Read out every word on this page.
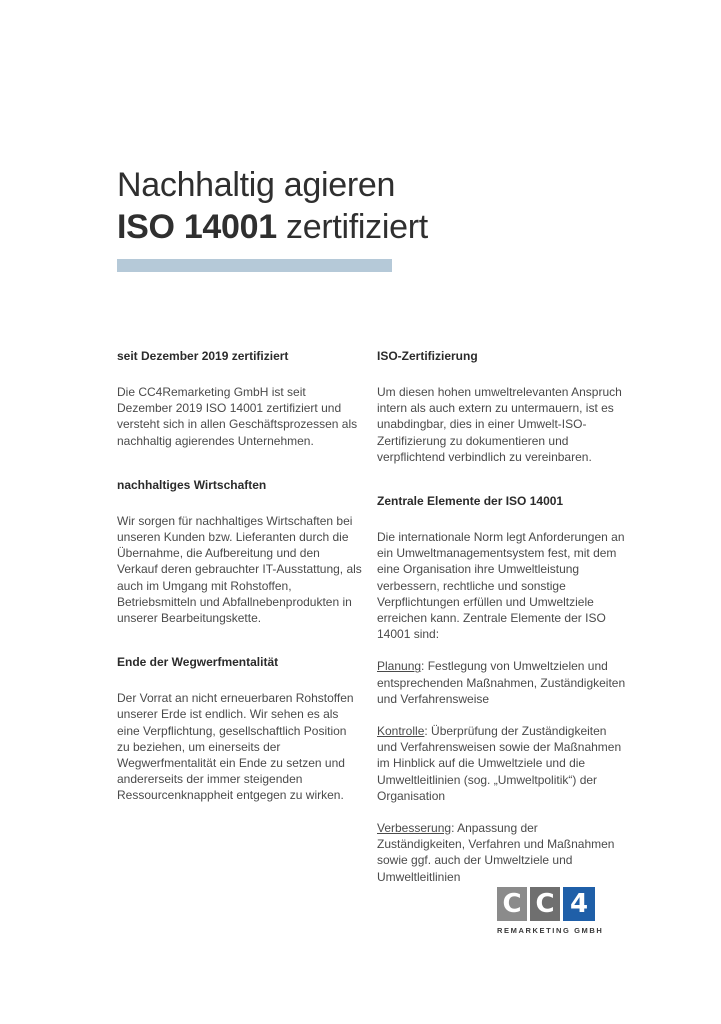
Nachhaltig agieren
ISO 14001 zertifiziert
seit Dezember 2019 zertifiziert

Die CC4Remarketing GmbH ist seit Dezember 2019 ISO 14001 zertifiziert und versteht sich in allen Geschäftsprozessen als nachhaltig agierendes Unternehmen.

nachhaltiges Wirtschaften

Wir sorgen für nachhaltiges Wirtschaften bei unseren Kunden bzw. Lieferanten durch die Übernahme, die Aufbereitung und den Verkauf deren gebrauchter IT-Ausstattung, als auch im Umgang mit Rohstoffen, Betriebsmitteln und Abfallnebenprodukten in unserer Bearbeitungskette.

Ende der Wegwerfmentalität

Der Vorrat an nicht erneuerbaren Rohstoffen unserer Erde ist endlich. Wir sehen es als eine Verpflichtung, gesellschaftlich Position zu beziehen, um einerseits der Wegwerfmentalität ein Ende zu setzen und andererseits der immer steigenden Ressourcenknappheit entgegen zu wirken.

ISO-Zertifizierung

Um diesen hohen umweltrelevanten Anspruch intern als auch extern zu untermauern, ist es unabdingbar, dies in einer Umwelt-ISO-Zertifizierung zu dokumentieren und verpflichtend verbindlich zu vereinbaren.

Zentrale Elemente der ISO 14001

Die internationale Norm legt Anforderungen an ein Umweltmanagementsystem fest, mit dem eine Organisation ihre Umweltleistung verbessern, rechtliche und sonstige Verpflichtungen erfüllen und Umweltziele erreichen kann. Zentrale Elemente der ISO 14001 sind:

Planung: Festlegung von Umweltzielen und entsprechenden Maßnahmen, Zuständigkeiten und Verfahrensweise

Kontrolle: Überprüfung der Zuständigkeiten und Verfahrensweisen sowie der Maßnahmen im Hinblick auf die Umweltziele und die Umweltleitlinien (sog. „Umweltpolitik“) der Organisation

Verbesserung: Anpassung der Zuständigkeiten, Verfahren und Maßnahmen sowie ggf. auch der Umweltziele und Umweltleitlinien

C C 4
REMARKETING GMBH
